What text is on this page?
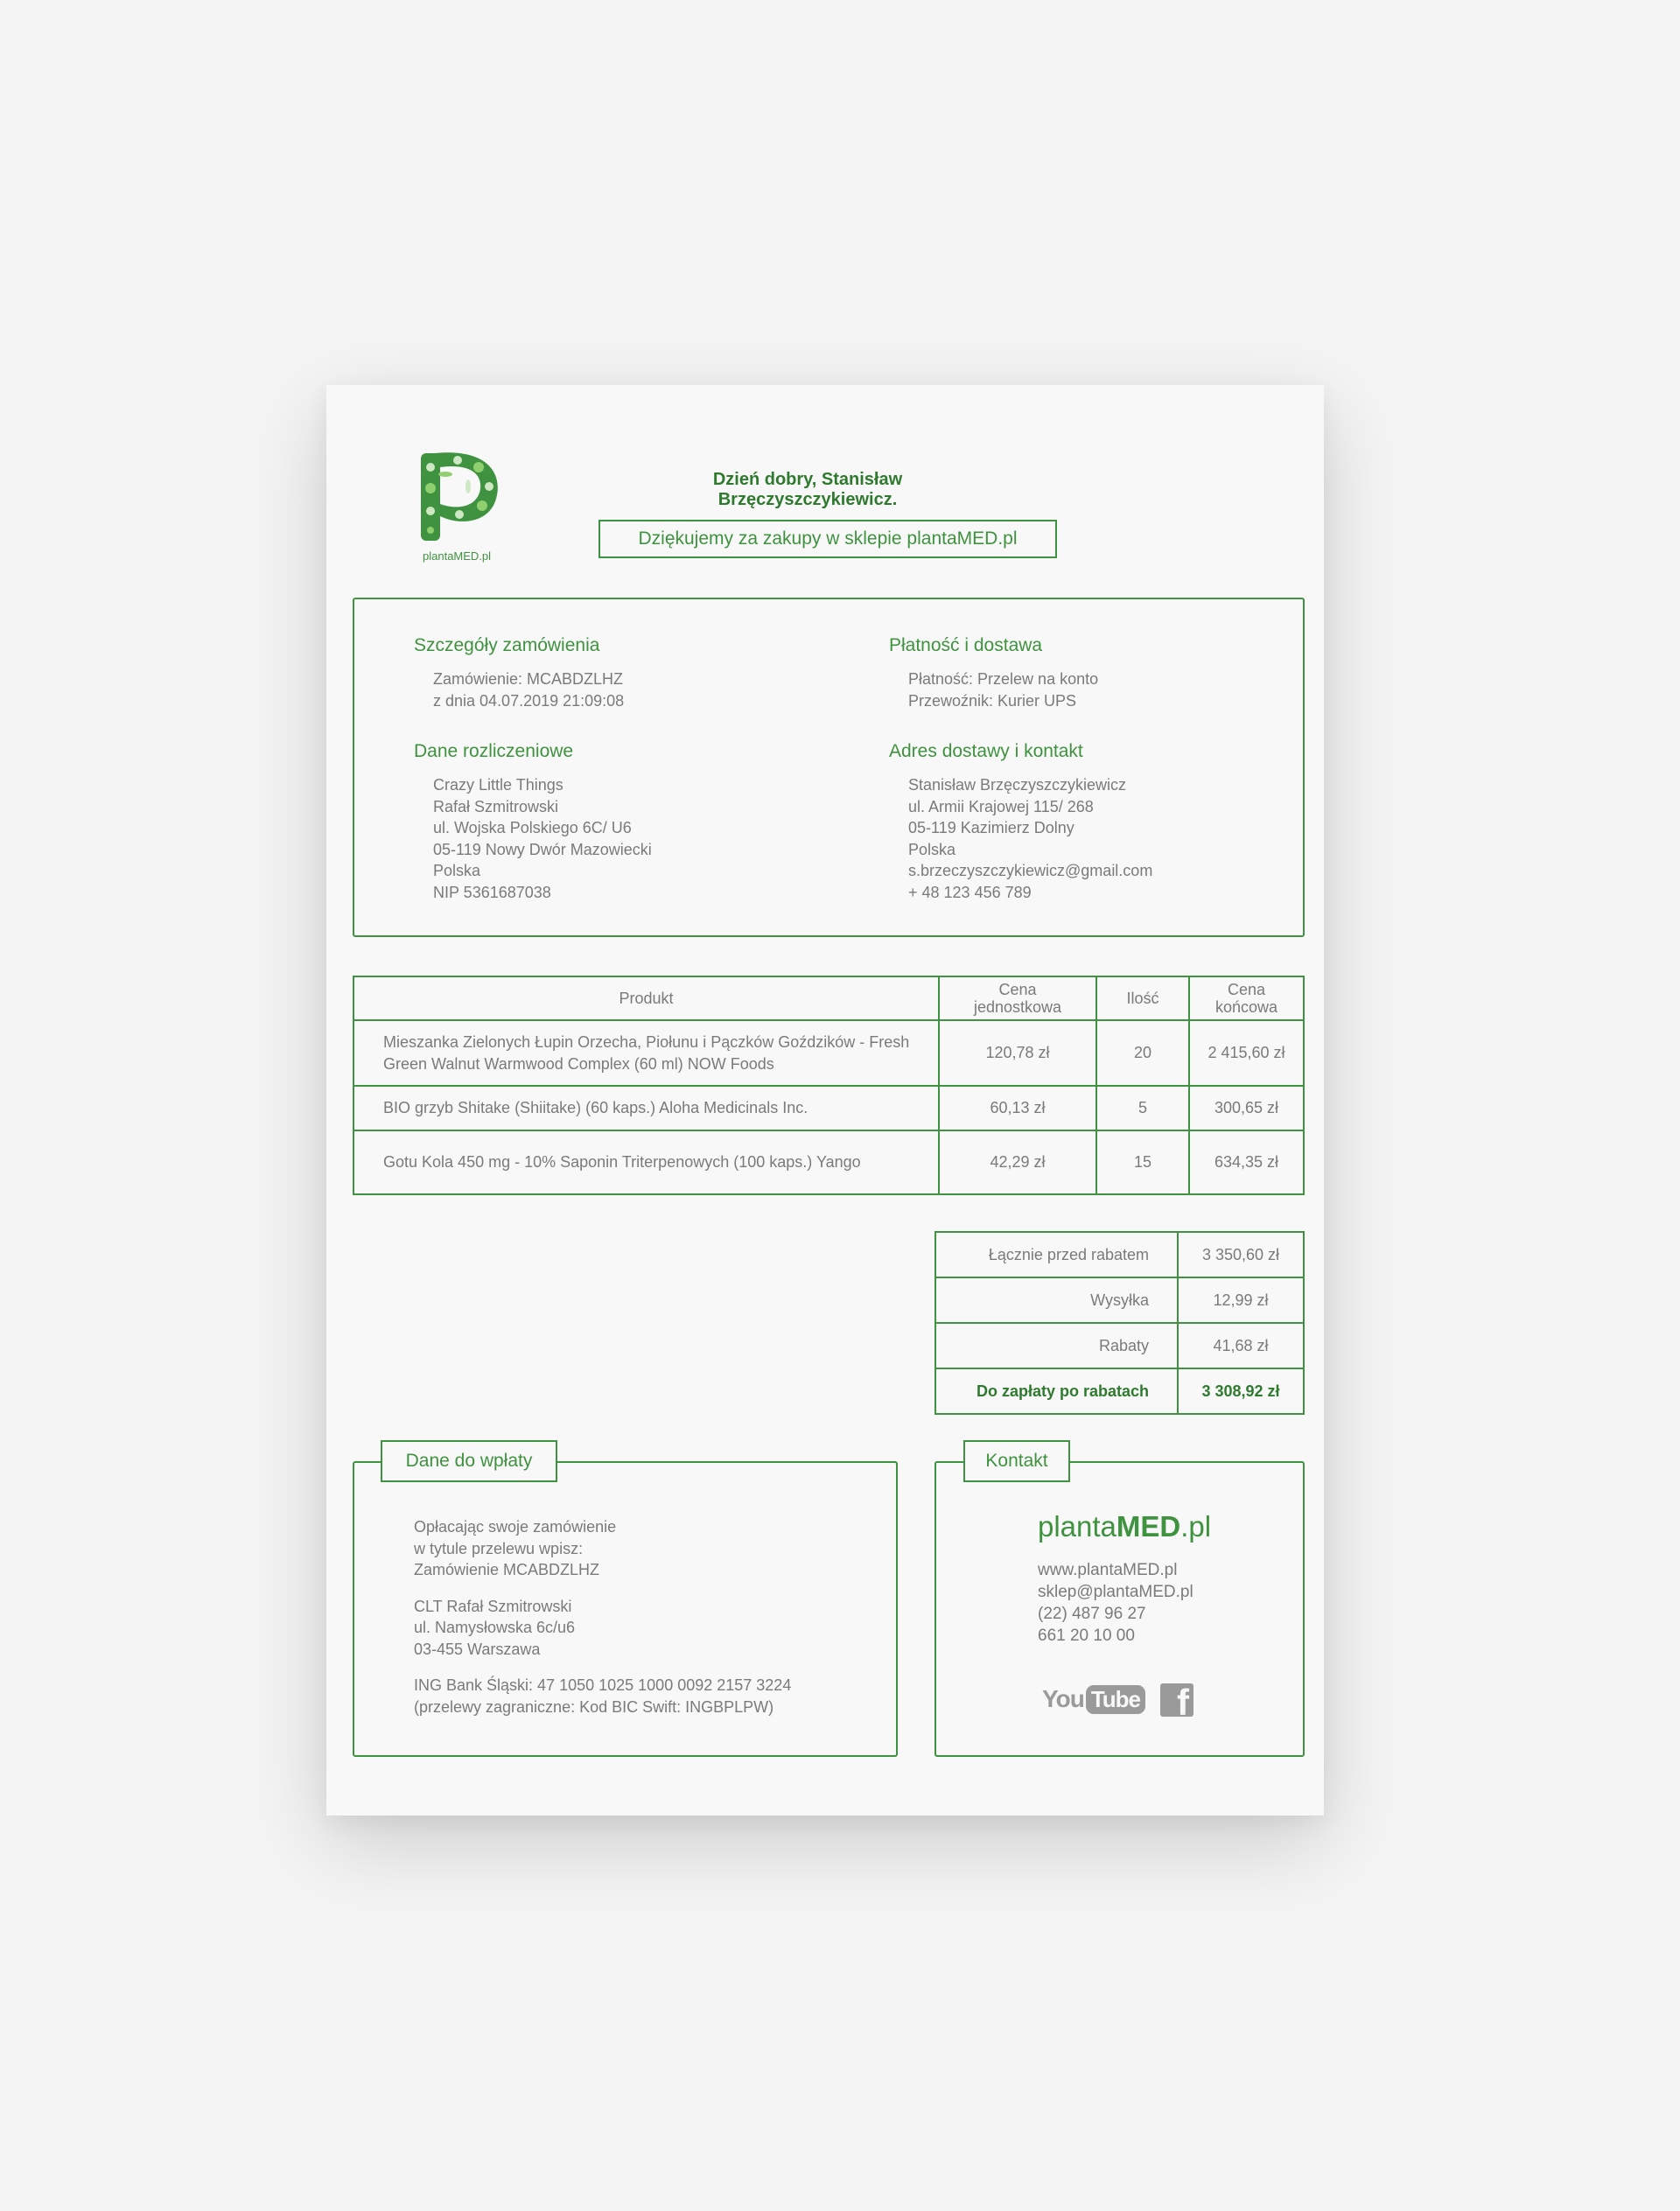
plantaMED.pl
Dzień dobry, Stanisław Brzęczyszczykiewicz.
Dziękujemy za zakupy w sklepie plantaMED.pl
Szczegóły zamówienia
Zamówienie: MCABDZLHZ
z dnia 04.07.2019 21:09:08
Płatność i dostawa
Płatność: Przelew na konto
Przewoźnik: Kurier UPS
Dane rozliczeniowe
Crazy Little Things
Rafał Szmitrowski
ul. Wojska Polskiego 6C/ U6
05-119 Nowy Dwór Mazowiecki
Polska
NIP 5361687038
Adres dostawy i kontakt
Stanisław Brzęczyszczykiewicz
ul. Armii Krajowej 115/ 268
05-119 Kazimierz Dolny
Polska
s.brzeczyszczykiewicz@gmail.com
+ 48 123 456 789
Produkt	Cena jednostkowa	Ilość	Cena końcowa

Mieszanka Zielonych Łupin Orzecha, Piołunu i Pączków Goździków - Fresh Green Walnut Warmwood Complex (60 ml) NOW Foods	120,78 zł	20	2 415,60 zł
BIO grzyb Shitake (Shiitake) (60 kaps.) Aloha Medicinals Inc.	60,13 zł	5	300,65 zł
Gotu Kola 450 mg - 10% Saponin Triterpenowych (100 kaps.) Yango	42,29 zł	15	634,35 zł
Łącznie przed rabatem	3 350,60 zł
Wysyłka	12,99 zł
Rabaty	41,68 zł
Do zapłaty po rabatach	3 308,92 zł
Dane do wpłaty
Opłacając swoje zamówienie
w tytule przelewu wpisz:
Zamówienie MCABDZLHZ
CLT Rafał Szmitrowski
ul. Namysłowska 6c/u6
03-455 Warszawa
ING Bank Śląski: 47 1050 1025 1000 0092 2157 3224
(przelewy zagraniczne: Kod BIC Swift: INGBPLPW)
Kontakt
plantaMED.pl
www.plantaMED.pl
sklep@plantaMED.pl
(22) 487 96 27
661 20 10 00
You Tube f
